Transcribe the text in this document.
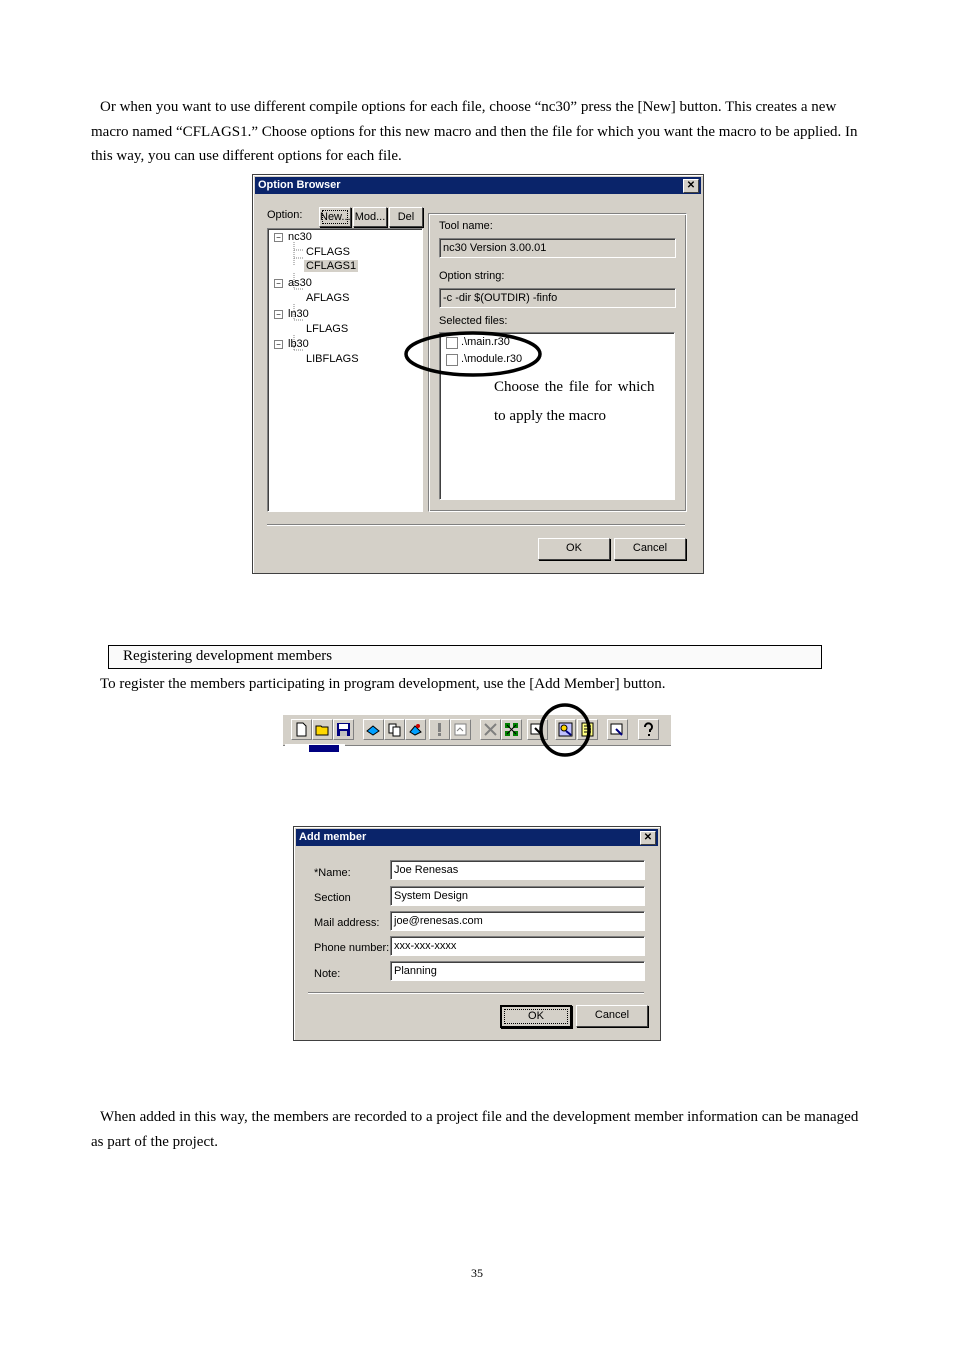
Or when you want to use different compile options for each file, choose “nc30” press the [New] button. This creates a new macro named “CFLAGS1.” Choose options for this new macro and then the file for which you want the macro to be applied. In this way, you can use different options for each file.
Option Browser	✕
Option: New... Mod...	Del
− nc30
CFLAGS
CFLAGS1
− as30
AFLAGS
− ln30
LFLAGS
− lb30
LIBFLAGS
Tool name:
nc30 Version 3.00.01
Option string:
-c -dir $(OUTDIR) -finfo
Selected files:
.\main.r30
.\module.r30
Choose the file for which
to apply the macro
OK	Cancel
Registering development members
To register the members participating in program development, use the [Add Member] button.
Add member	✕
*Name:	Joe Renesas
Section	System Design
Mail address:	joe@renesas.com
Phone number: xxx-xxx-xxxx
Note:	Planning
OK	Cancel
When added in this way, the members are recorded to a project file and the development member information can be managed as part of the project.
35
